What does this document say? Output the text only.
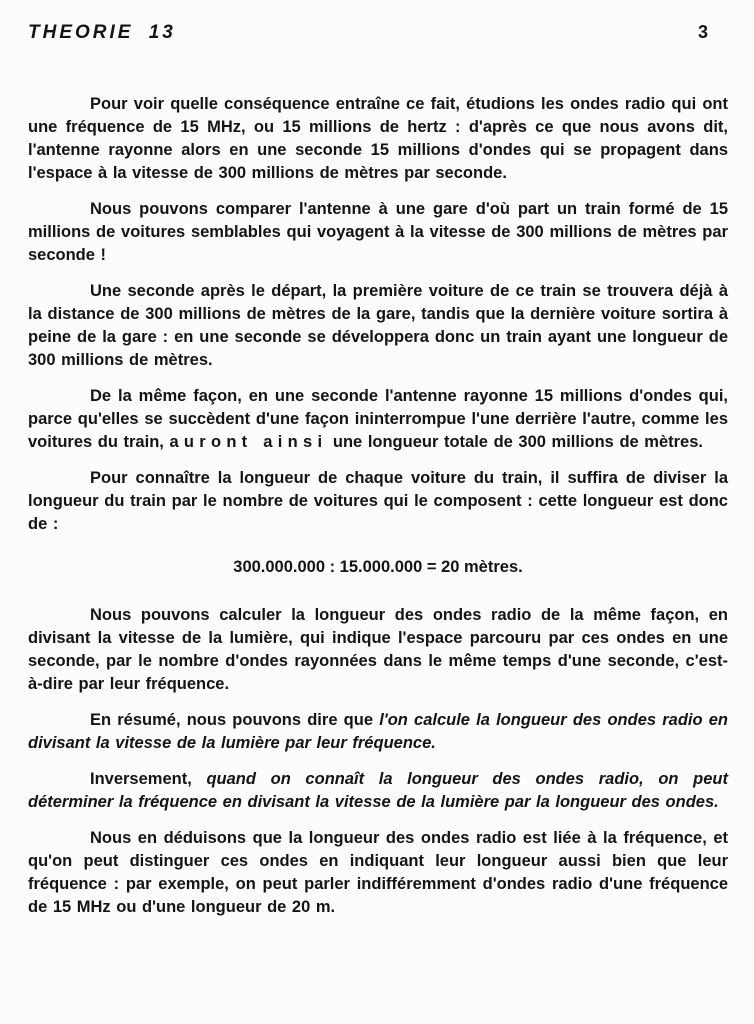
THEORIE 13	3

Pour voir quelle conséquence entraîne ce fait, étudions les ondes radio qui ont une fréquence de 15 MHz, ou 15 millions de hertz : d'après ce que nous avons dit, l'antenne rayonne alors en une seconde 15 millions d'ondes qui se propagent dans l'espace à la vitesse de 300 millions de mètres par seconde.

Nous pouvons comparer l'antenne à une gare d'où part un train formé de 15 millions de voitures semblables qui voyagent à la vitesse de 300 millions de mètres par seconde !

Une seconde après le départ, la première voiture de ce train se trouvera déjà à la distance de 300 millions de mètres de la gare, tandis que la dernière voiture sortira à peine de la gare : en une seconde se développera donc un train ayant une longueur de 300 millions de mètres.

De la même façon, en une seconde l'antenne rayonne 15 millions d'ondes qui, parce qu'elles se succèdent d'une façon ininterrompue l'une derrière l'autre, comme les voitures du train, auront ainsi une longueur totale de 300 millions de mètres.

Pour connaître la longueur de chaque voiture du train, il suffira de diviser la longueur du train par le nombre de voitures qui le composent : cette longueur est donc de :

300.000.000 : 15.000.000 = 20 mètres.

Nous pouvons calculer la longueur des ondes radio de la même façon, en divisant la vitesse de la lumière, qui indique l'espace parcouru par ces ondes en une seconde, par le nombre d'ondes rayonnées dans le même temps d'une seconde, c'est-à-dire par leur fréquence.

En résumé, nous pouvons dire que l'on calcule la longueur des ondes radio en divisant la vitesse de la lumière par leur fréquence.

Inversement, quand on connaît la longueur des ondes radio, on peut déterminer la fréquence en divisant la vitesse de la lumière par la longueur des ondes.

Nous en déduisons que la longueur des ondes radio est liée à la fréquence, et qu'on peut distinguer ces ondes en indiquant leur longueur aussi bien que leur fréquence : par exemple, on peut parler indifféremment d'ondes radio d'une fréquence de 15 MHz ou d'une longueur de 20 m.
